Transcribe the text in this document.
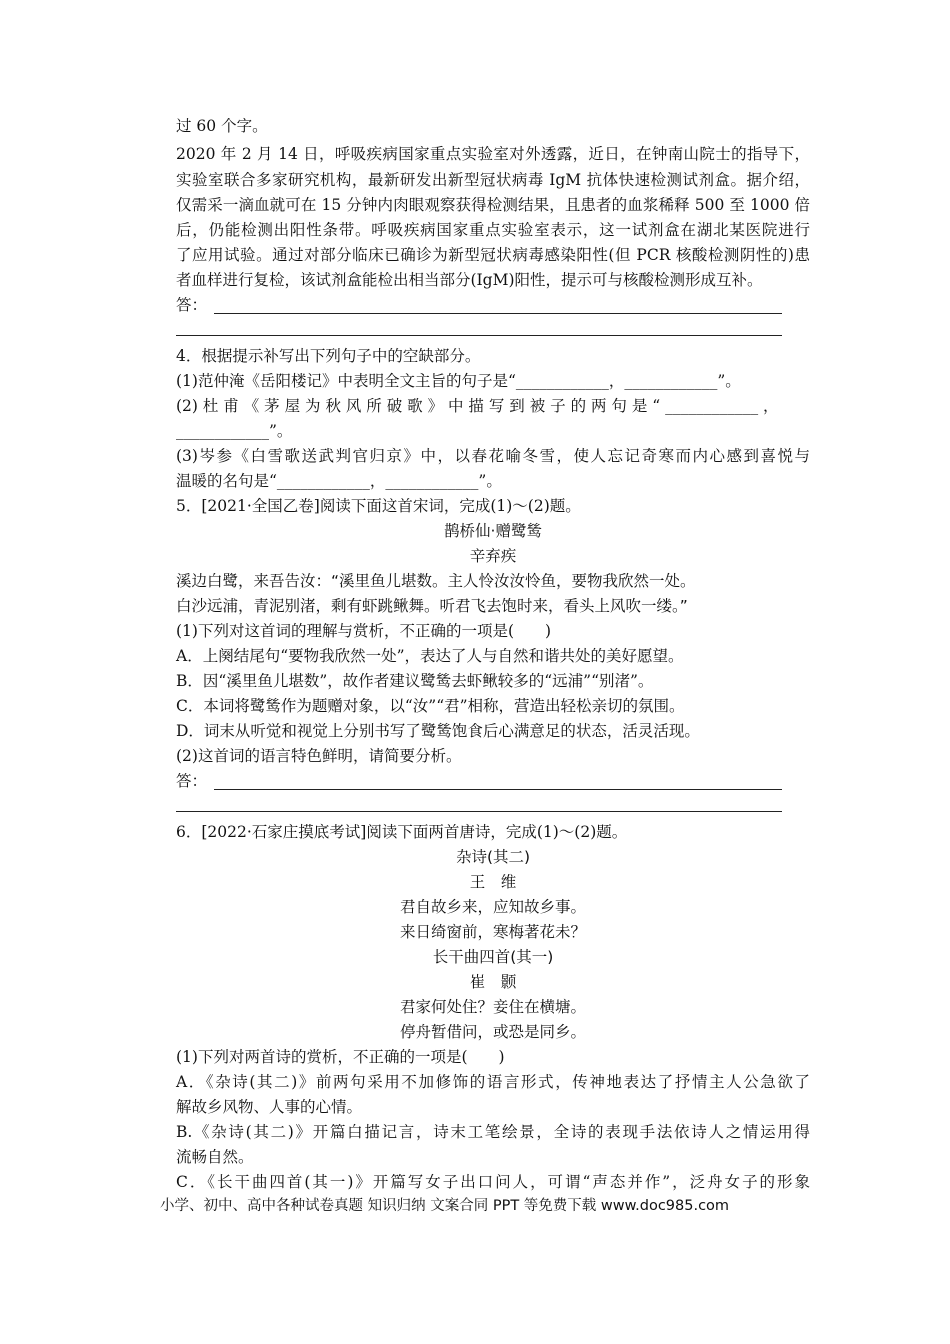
过 60 个字。
2020 年 2 月 14 日，呼吸疾病国家重点实验室对外透露，近日，在钟南山院士的指导下，
实验室联合多家研究机构，最新研发出新型冠状病毒 IgM 抗体快速检测试剂盒。据介绍，
仅需采一滴血就可在 15 分钟内肉眼观察获得检测结果，且患者的血浆稀释 500 至 1000 倍
后，仍能检测出阳性条带。呼吸疾病国家重点实验室表示，这一试剂盒在湖北某医院进行
了应用试验。通过对部分临床已确诊为新型冠状病毒感染阳性(但 PCR 核酸检测阴性的)患
者血样进行复检，该试剂盒能检出相当部分(IgM)阳性，提示可与核酸检测形成互补。
答：
4．根据提示补写出下列句子中的空缺部分。
(1)范仲淹《岳阳楼记》中表明全文主旨的句子是“____________，____________”。
(2) 杜 甫 《 茅 屋 为 秋 风 所 破 歌 》 中 描 写 到 被 子 的 两 句 是 “ ____________ ，
____________”。
(3)岑参《白雪歌送武判官归京》中，以春花喻冬雪，使人忘记奇寒而内心感到喜悦与
温暖的名句是“____________，____________”。
5．[2021·全国乙卷]阅读下面这首宋词，完成(1)～(2)题。
鹊桥仙·赠鹭鸶
辛弃疾
溪边白鹭，来吾告汝：“溪里鱼儿堪数。主人怜汝汝怜鱼，要物我欣然一处。
白沙远浦，青泥别渚，剩有虾跳鳅舞。听君飞去饱时来，看头上风吹一缕。”
(1)下列对这首词的理解与赏析，不正确的一项是(　　)
A．上阕结尾句“要物我欣然一处”，表达了人与自然和谐共处的美好愿望。
B．因“溪里鱼儿堪数”，故作者建议鹭鸶去虾鳅较多的“远浦”“别渚”。
C．本词将鹭鸶作为题赠对象，以“汝”“君”相称，营造出轻松亲切的氛围。
D．词末从听觉和视觉上分别书写了鹭鸶饱食后心满意足的状态，活灵活现。
(2)这首词的语言特色鲜明，请简要分析。
答：
6．[2022·石家庄摸底考试]阅读下面两首唐诗，完成(1)～(2)题。
杂诗(其二)
王　维
君自故乡来，应知故乡事。
来日绮窗前，寒梅著花未？
长干曲四首(其一)
崔　颢
君家何处住？妾住在横塘。
停舟暂借问，或恐是同乡。
(1)下列对两首诗的赏析，不正确的一项是(　　)
A．《杂诗(其二)》前两句采用不加修饰的语言形式，传神地表达了抒情主人公急欲了
解故乡风物、人事的心情。
B.《杂诗(其二)》开篇白描记言，诗末工笔绘景，全诗的表现手法依诗人之情运用得
流畅自然。
C．《长干曲四首(其一)》开篇写女子出口问人，可谓“声态并作”，泛舟女子的形象
小学、初中、高中各种试卷真题 知识归纳 文案合同 PPT 等免费下载 www.doc985.com
